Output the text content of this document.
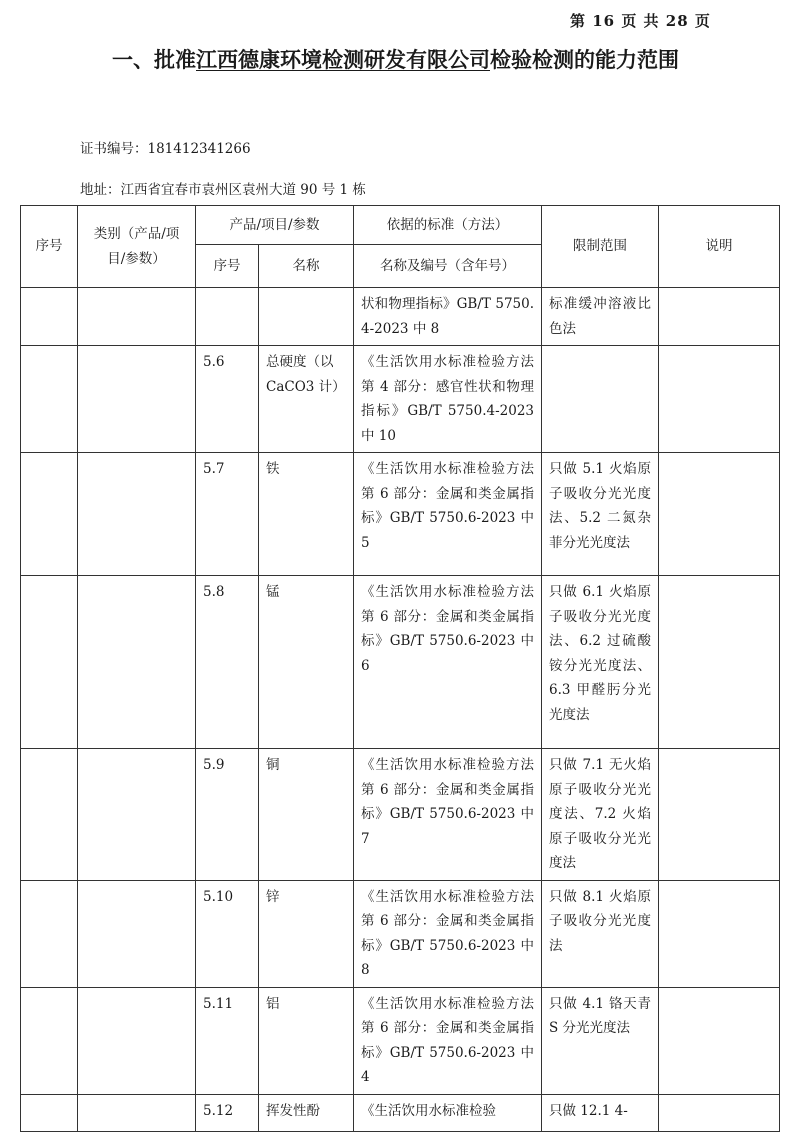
第 16 页 共 28 页
一、批准江西德康环境检测研发有限公司检验检测的能力范围
证书编号：181412341266
地址：江西省宜春市袁州区袁州大道 90 号 1 栋
序号	类别（产品/项目/参数）	产品/项目/参数		依据的标准（方法）	限制范围	说明
		序号	名称	名称及编号（含年号）		
				状和物理指标》GB/T 5750.4-2023 中 8	标准缓冲溶液比色法	
		5.6	总硬度（以CaCO3 计）	《生活饮用水标准检验方法 第 4 部分：感官性状和物理指标》GB/T 5750.4-2023 中 10		
		5.7	铁	《生活饮用水标准检验方法 第 6 部分：金属和类金属指标》GB/T 5750.6-2023 中 5	只做 5.1 火焰原子吸收分光光度法、5.2 二氮杂菲分光光度法	
		5.8	锰	《生活饮用水标准检验方法 第 6 部分：金属和类金属指标》GB/T 5750.6-2023 中 6	只做 6.1 火焰原子吸收分光光度法、6.2 过硫酸铵分光光度法、6.3 甲醛肟分光光度法	
		5.9	铜	《生活饮用水标准检验方法 第 6 部分：金属和类金属指标》GB/T 5750.6-2023 中 7	只做 7.1 无火焰原子吸收分光光度法、7.2 火焰原子吸收分光光度法	
		5.10	锌	《生活饮用水标准检验方法 第 6 部分：金属和类金属指标》GB/T 5750.6-2023 中 8	只做 8.1 火焰原子吸收分光光度法	
		5.11	铝	《生活饮用水标准检验方法 第 6 部分：金属和类金属指标》GB/T 5750.6-2023 中 4	只做 4.1 铬天青 S 分光光度法	
		5.12	挥发性酚	《生活饮用水标准检验	只做 12.1 4-	
